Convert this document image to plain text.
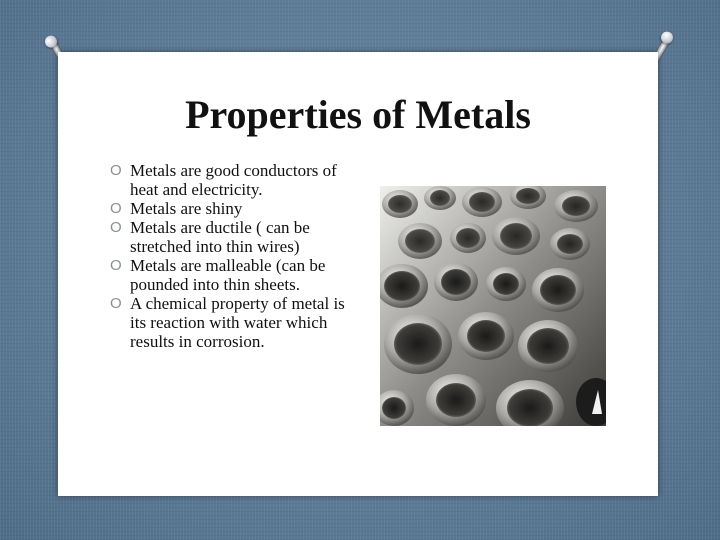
Properties of Metals
O Metals are good conductors of heat and electricity.
O Metals are shiny
O Metals are ductile ( can be stretched into thin wires)
O Metals are malleable (can be pounded into thin sheets.
O A chemical property of metal is its reaction with water which results in corrosion.
